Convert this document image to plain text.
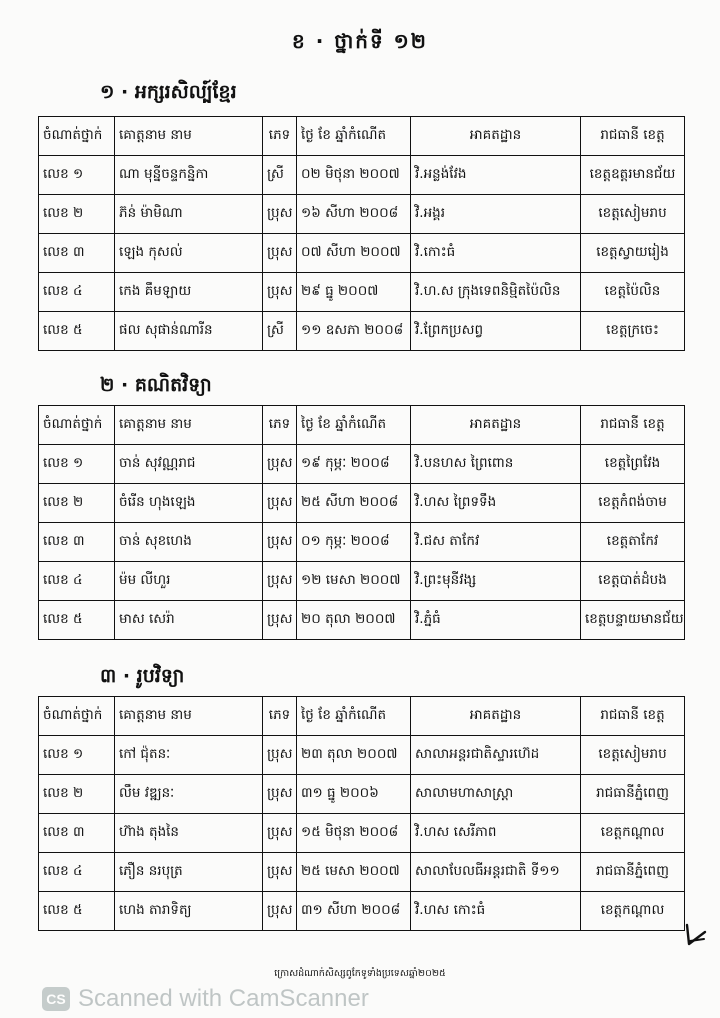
ខ · ថ្នាក់ទី ១២
១ · អក្សរសិល្ប៍ខ្មែរ
២ · គណិតវិទ្យា
៣ · រូបវិទ្យា
ចំណាត់ថ្នាក់	គោត្តនាម នាម	ភេទ	ថ្ងៃ ខែ ឆ្នាំកំណើត	អាគតដ្ឋាន	រាជធានី ខេត្ត
លេខ ១	ណា មុន្នីចន្ទកន្និកា	ស្រី	០២ មិថុនា ២០០៧	វិ.អន្លង់វែង	ខេត្តឧត្តរមានជ័យ
លេខ ២	ភ៊ន់ ម៉ាមិណា	ប្រុស	១៦ សីហា ២០០៨	វិ.អង្គរ	ខេត្តសៀមរាប
លេខ ៣	ឡេង កុសល់	ប្រុស	០៧ សីហា ២០០៧	វិ.កោះធំ	ខេត្តស្វាយរៀង
លេខ ៤	កេង គឹមឡាយ	ប្រុស	២៩ ធ្នូ ២០០៧	វិ.ហ.ស ក្រុងទេពនិម្មិតប៉ៃលិន	ខេត្តប៉ៃលិន
លេខ ៥	ផល សុផាន់ណារីន	ស្រី	១១ ឧសភា ២០០៨	វិ.ព្រែកប្រសព្វ	ខេត្តក្រចេះ
ចំណាត់ថ្នាក់	គោត្តនាម នាម	ភេទ	ថ្ងៃ ខែ ឆ្នាំកំណើត	អាគតដ្ឋាន	រាជធានី ខេត្ត
លេខ ១	ចាន់ សុវណ្ណរាជ	ប្រុស	១៩ កុម្ភៈ ២០០៨	វិ.បនហស ព្រៃពោន	ខេត្តព្រៃវែង
លេខ ២	ចំរើន ហុងឡេង	ប្រុស	២៥ សីហា ២០០៨	វិ.ហស ព្រៃទទឹង	ខេត្តកំពង់ចាម
លេខ ៣	ចាន់ សុខហេង	ប្រុស	០១ កុម្ភៈ ២០០៨	វិ.ជស តាកែវ	ខេត្តតាកែវ
លេខ ៤	ម៉ម លីហួរ	ប្រុស	១២ មេសា ២០០៧	វិ.ព្រះមុនីវង្ស	ខេត្តបាត់ដំបង
លេខ ៥	មាស សេរ៉ា	ប្រុស	២០ តុលា ២០០៧	វិ.ភ្នំធំ	ខេត្តបន្ទាយមានជ័យ
ចំណាត់ថ្នាក់	គោត្តនាម នាម	ភេទ	ថ្ងៃ ខែ ឆ្នាំកំណើត	អាគតដ្ឋាន	រាជធានី ខេត្ត
លេខ ១	កៅ ជ៉ុតនៈ	ប្រុស	២៣ តុលា ២០០៧	សាលាអន្តរជាតិស្ទារហ៊េដ	ខេត្តសៀមរាប
លេខ ២	លឹម វឌ្ឍនៈ	ប្រុស	៣១ ធ្នូ ២០០៦	សាលាមហាសាស្ត្រា	រាជធានីភ្នំពេញ
លេខ ៣	ហ៊ាង តុងនៃ	ប្រុស	១៥ មិថុនា ២០០៨	វិ.ហស សេរីភាព	ខេត្តកណ្ដាល
លេខ ៤	ភឿន នរបុត្រ	ប្រុស	២៥ មេសា ២០០៧	សាលាបែលធីអន្តរជាតិ ទី១១	រាជធានីភ្នំពេញ
លេខ ៥	ហេង តារាទិត្យ	ប្រុស	៣១ សីហា ២០០៨	វិ.ហស កោះធំ	ខេត្តកណ្ដាល
ក្រោសដំណាក់សិស្សពូកែទូទាំងប្រទេសឆ្នាំ២០២៥
CS Scanned with CamScanner
